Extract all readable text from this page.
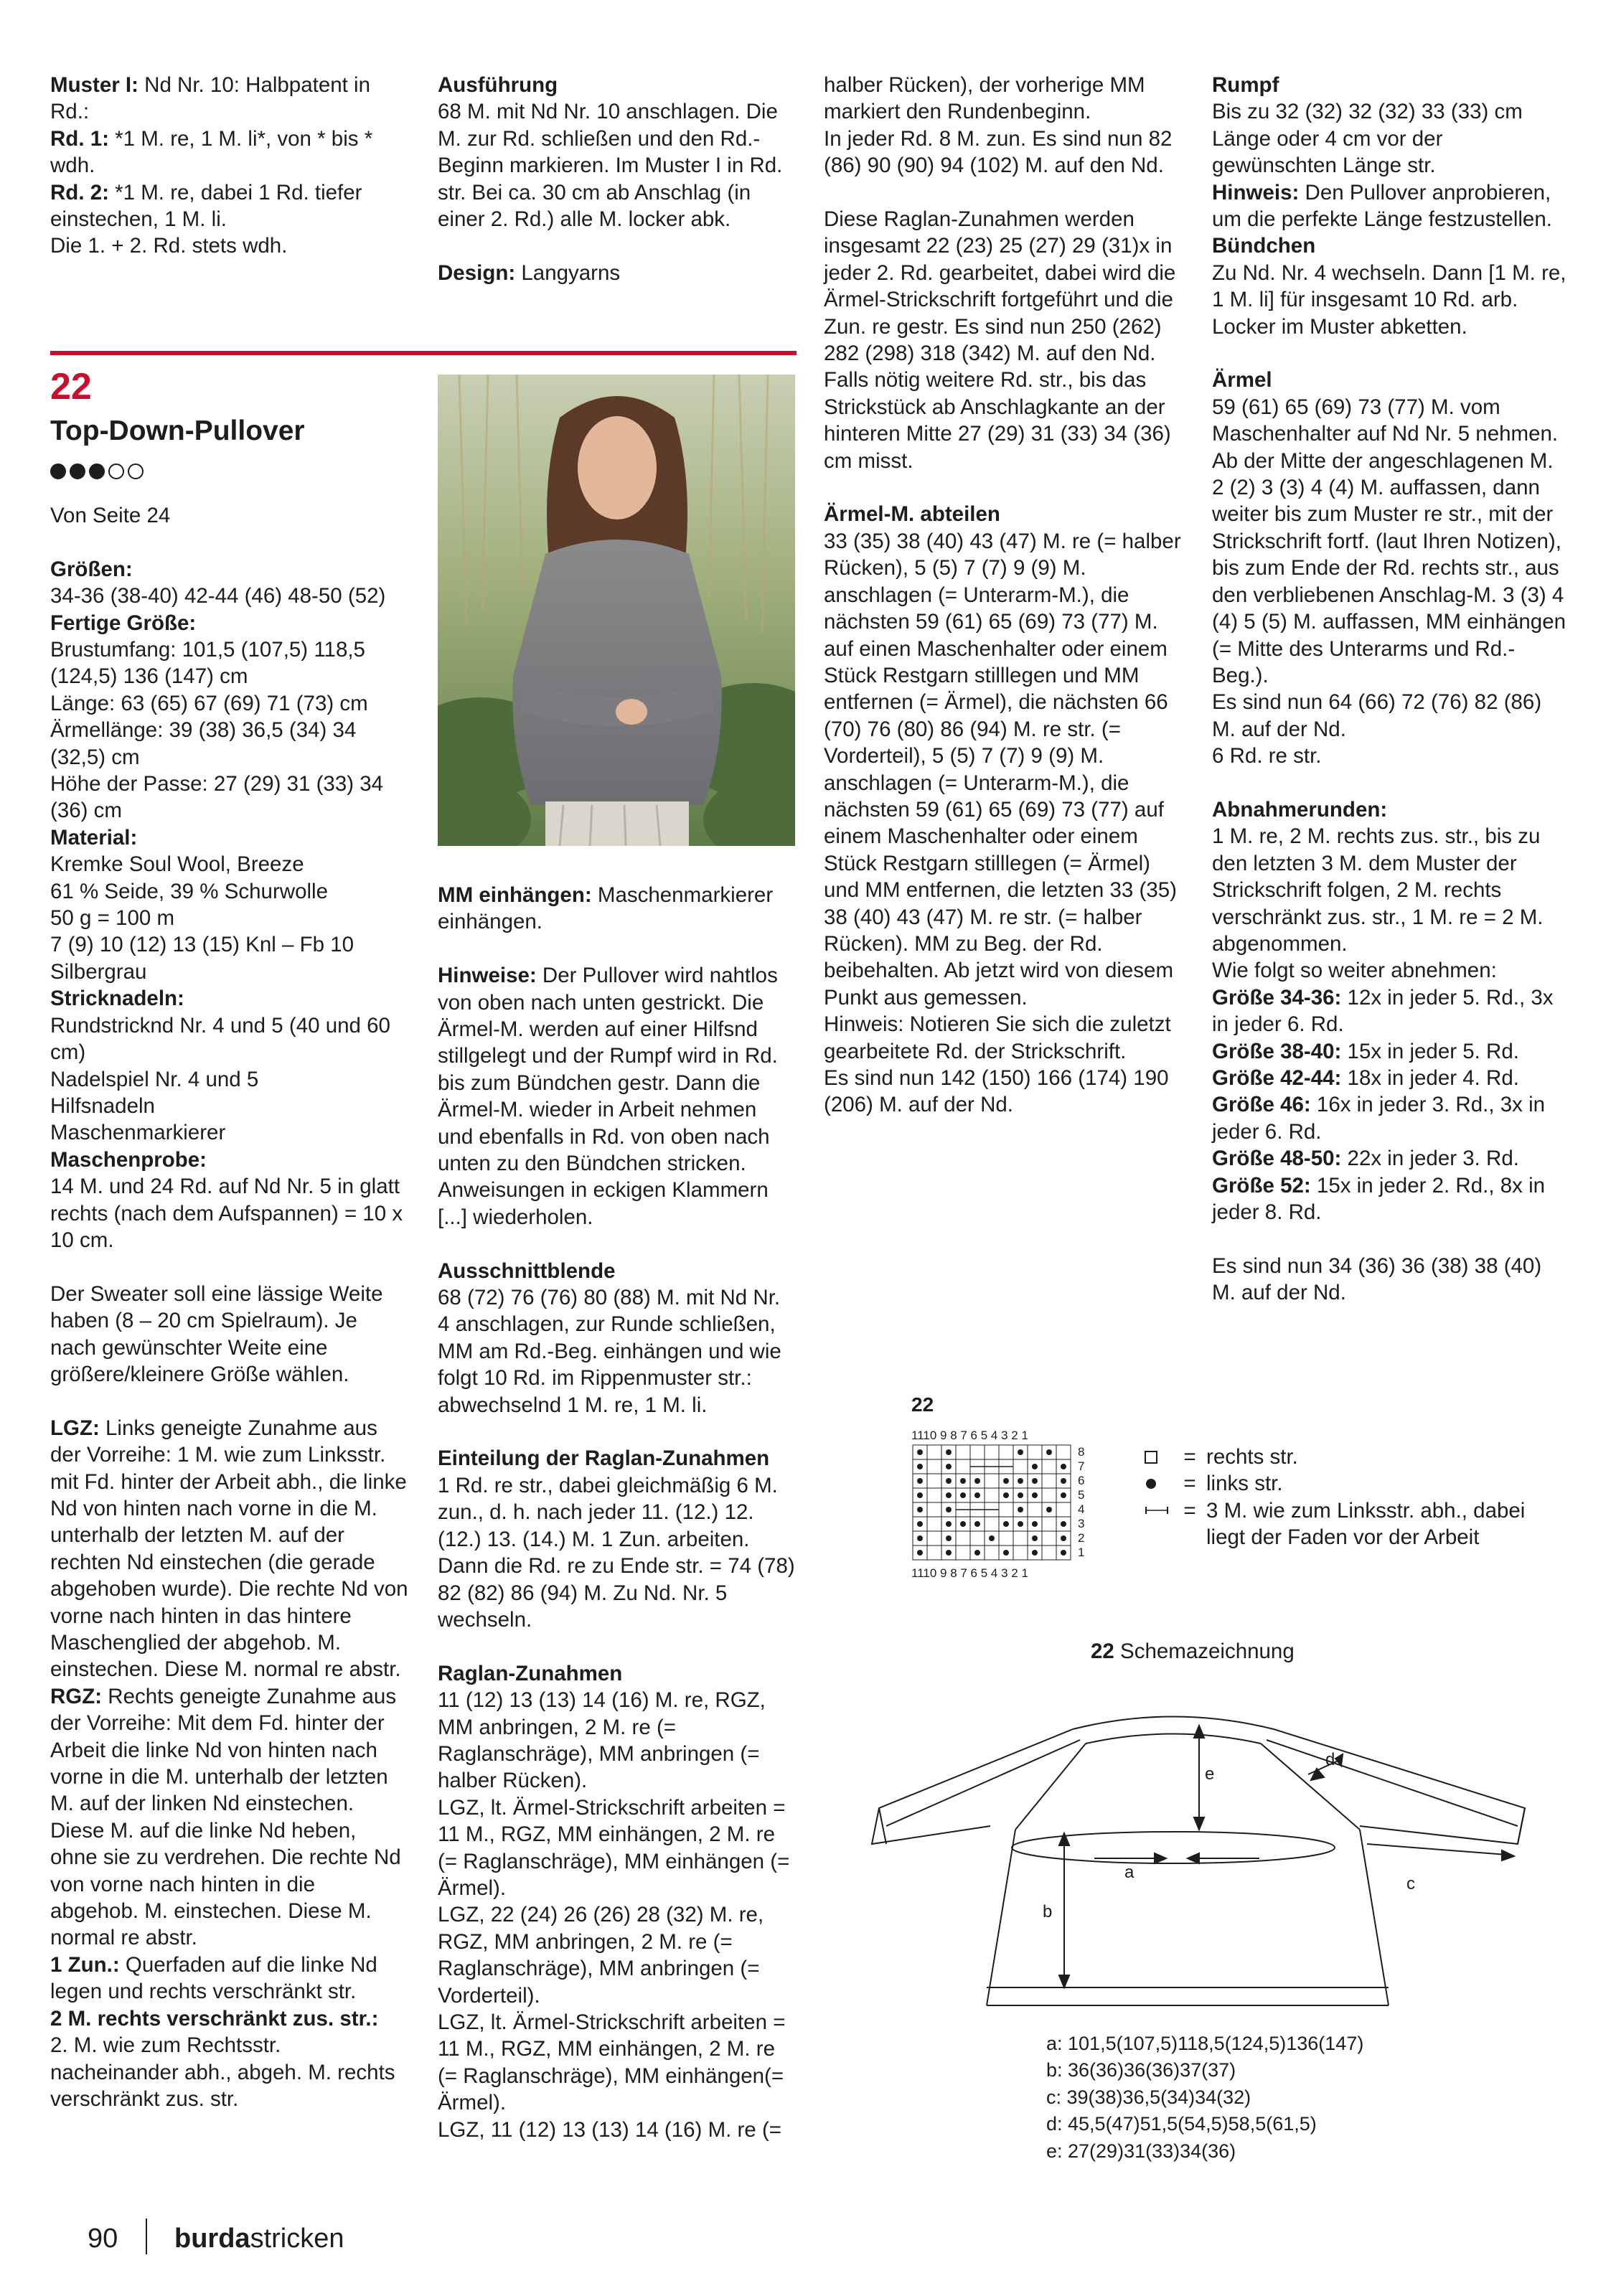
Muster I: Nd Nr. 10: Halbpatent in Rd.:

Rd. 1: *1 M. re, 1 M. li*, von * bis * wdh.

Rd. 2: *1 M. re, dabei 1 Rd. tiefer einstechen, 1 M. li.

Die 1. + 2. Rd. stets wdh.

Ausführung

68 M. mit Nd Nr. 10 anschlagen. Die M. zur Rd. schließen und den Rd.-Beginn markieren. Im Muster I in Rd. str. Bei ca. 30 cm ab Anschlag (in einer 2. Rd.) alle M. locker abk.

Design: Langyarns

22
Top-Down-Pullover

Von Seite 24

Größen:

34-36 (38-40) 42-44 (46) 48-50 (52)

Fertige Größe:

Brustumfang: 101,5 (107,5) 118,5 (124,5) 136 (147) cm
Länge: 63 (65) 67 (69) 71 (73) cm
Ärmellänge: 39 (38) 36,5 (34) 34 (32,5) cm
Höhe der Passe: 27 (29) 31 (33) 34 (36) cm

Material:

Kremke Soul Wool, Breeze
61 % Seide, 39 % Schurwolle
50 g = 100 m
7 (9) 10 (12) 13 (15) Knl – Fb 10 Silbergrau

Stricknadeln:

Rundstricknd Nr. 4 und 5 (40 und 60 cm)
Nadelspiel Nr. 4 und 5
Hilfsnadeln
Maschenmarkierer

Maschenprobe:

14 M. und 24 Rd. auf Nd Nr. 5 in glatt rechts (nach dem Aufspannen) = 10 x 10 cm.

Der Sweater soll eine lässige Weite haben (8 – 20 cm Spielraum). Je nach gewünschter Weite eine größere/kleinere Größe wählen.

LGZ: Links geneigte Zunahme aus der Vorreihe: 1 M. wie zum Linksstr. mit Fd. hinter der Arbeit abh., die linke Nd von hinten nach vorne in die M. unterhalb der letzten M. auf der rechten Nd einstechen (die gerade abgehoben wurde). Die rechte Nd von vorne nach hinten in das hintere Maschenglied der abgehob. M. einstechen. Diese M. normal re abstr.

RGZ: Rechts geneigte Zunahme aus der Vorreihe: Mit dem Fd. hinter der Arbeit die linke Nd von hinten nach vorne in die M. unterhalb der letzten M. auf der linken Nd einstechen. Diese M. auf die linke Nd heben, ohne sie zu verdrehen. Die rechte Nd von vorne nach hinten in die abgehob. M. einstechen. Diese M. normal re abstr.

1 Zun.: Querfaden auf die linke Nd legen und rechts verschränkt str.

2 M. rechts verschränkt zus. str.:

2. M. wie zum Rechtsstr. nacheinander abh., abgeh. M. rechts verschränkt zus. str.

MM einhängen: Maschenmarkierer einhängen.

Hinweise: Der Pullover wird nahtlos von oben nach unten gestrickt. Die Ärmel-M. werden auf einer Hilfsnd stillgelegt und der Rumpf wird in Rd. bis zum Bündchen gestr. Dann die Ärmel-M. wieder in Arbeit nehmen und ebenfalls in Rd. von oben nach unten zu den Bündchen stricken. Anweisungen in eckigen Klammern [...] wiederholen.

Ausschnittblende

68 (72) 76 (76) 80 (88) M. mit Nd Nr. 4 anschlagen, zur Runde schließen, MM am Rd.-Beg. einhängen und wie folgt 10 Rd. im Rippenmuster str.: abwechselnd 1 M. re, 1 M. li.

Einteilung der Raglan-Zunahmen

1 Rd. re str., dabei gleichmäßig 6 M. zun., d. h. nach jeder 11. (12.) 12. (12.) 13. (14.) M. 1 Zun. arbeiten. Dann die Rd. re zu Ende str. = 74 (78) 82 (82) 86 (94) M. Zu Nd. Nr. 5 wechseln.

Raglan-Zunahmen

11 (12) 13 (13) 14 (16) M. re, RGZ, MM anbringen, 2 M. re (= Raglanschräge), MM anbringen (= halber Rücken).
LGZ, lt. Ärmel-Strickschrift arbeiten = 11 M., RGZ, MM einhängen, 2 M. re (= Raglanschräge), MM einhängen (= Ärmel).
LGZ, 22 (24) 26 (26) 28 (32) M. re, RGZ, MM anbringen, 2 M. re (= Raglanschräge), MM anbringen (= Vorderteil).
LGZ, lt. Ärmel-Strickschrift arbeiten = 11 M., RGZ, MM einhängen, 2 M. re (= Raglanschräge), MM einhängen(= Ärmel).
LGZ, 11 (12) 13 (13) 14 (16) M. re (=

halber Rücken), der vorherige MM markiert den Rundenbeginn.
In jeder Rd. 8 M. zun. Es sind nun 82 (86) 90 (90) 94 (102) M. auf den Nd.

Diese Raglan-Zunahmen werden insgesamt 22 (23) 25 (27) 29 (31)x in jeder 2. Rd. gearbeitet, dabei wird die Ärmel-Strickschrift fortgeführt und die Zun. re gestr. Es sind nun 250 (262) 282 (298) 318 (342) M. auf den Nd.
Falls nötig weitere Rd. str., bis das Strickstück ab Anschlagkante an der hinteren Mitte 27 (29) 31 (33) 34 (36) cm misst.

Ärmel-M. abteilen

33 (35) 38 (40) 43 (47) M. re (= halber Rücken), 5 (5) 7 (7) 9 (9) M. anschlagen (= Unterarm-M.), die nächsten 59 (61) 65 (69) 73 (77) M. auf einen Maschenhalter oder einem Stück Restgarn stilllegen und MM entfernen (= Ärmel), die nächsten 66 (70) 76 (80) 86 (94) M. re str. (= Vorderteil), 5 (5) 7 (7) 9 (9) M. anschlagen (= Unterarm-M.), die nächsten 59 (61) 65 (69) 73 (77) auf einem Maschenhalter oder einem Stück Restgarn stilllegen (= Ärmel) und MM entfernen, die letzten 33 (35) 38 (40) 43 (47) M. re str. (= halber Rücken). MM zu Beg. der Rd. beibehalten. Ab jetzt wird von diesem Punkt aus gemessen.
Hinweis: Notieren Sie sich die zuletzt gearbeitete Rd. der Strickschrift.
Es sind nun 142 (150) 166 (174) 190 (206) M. auf der Nd.

Rumpf

Bis zu 32 (32) 32 (32) 33 (33) cm Länge oder 4 cm vor der gewünschten Länge str.

Hinweis: Den Pullover anprobieren, um die perfekte Länge festzustellen.

Bündchen

Zu Nd. Nr. 4 wechseln. Dann [1 M. re, 1 M. li] für insgesamt 10 Rd. arb. Locker im Muster abketten.

Ärmel

59 (61) 65 (69) 73 (77) M. vom Maschenhalter auf Nd Nr. 5 nehmen.
Ab der Mitte der angeschlagenen M. 2 (2) 3 (3) 4 (4) M. auffassen, dann weiter bis zum Muster re str., mit der Strickschrift fortf. (laut Ihren Notizen), bis zum Ende der Rd. rechts str., aus den verbliebenen Anschlag-M. 3 (3) 4 (4) 5 (5) M. auffassen, MM einhängen (= Mitte des Unterarms und Rd.-Beg.).
Es sind nun 64 (66) 72 (76) 82 (86) M. auf der Nd.
6 Rd. re str.

Abnahmerunden:

1 M. re, 2 M. rechts zus. str., bis zu den letzten 3 M. dem Muster der Strickschrift folgen, 2 M. rechts verschränkt zus. str., 1 M. re = 2 M. abgenommen.
Wie folgt so weiter abnehmen:

Größe 34-36: 12x in jeder 5. Rd., 3x in jeder 6. Rd.

Größe 38-40: 15x in jeder 5. Rd.

Größe 42-44: 18x in jeder 4. Rd.

Größe 46: 16x in jeder 3. Rd., 3x in jeder 6. Rd.

Größe 48-50: 22x in jeder 3. Rd.

Größe 52: 15x in jeder 2. Rd., 8x in jeder 8. Rd.

Es sind nun 34 (36) 36 (38) 38 (40) M. auf der Nd.

22
1110 9 8 7 6 5 4 3 2 1
8
7
6
5
4
3
2
1
1110 9 8 7 6 5 4 3 2 1
= rechts str.
= links str.
= 3 M. wie zum Linksstr. abh., dabei liegt der Faden vor der Arbeit
22 Schemazeichnung
e
a
b
d
c

a: 101,5(107,5)118,5(124,5)136(147)

b: 36(36)36(36)37(37)

c: 39(38)36,5(34)34(32)

d: 45,5(47)51,5(54,5)58,5(61,5)

e: 27(29)31(33)34(36)

90 burdastricken
